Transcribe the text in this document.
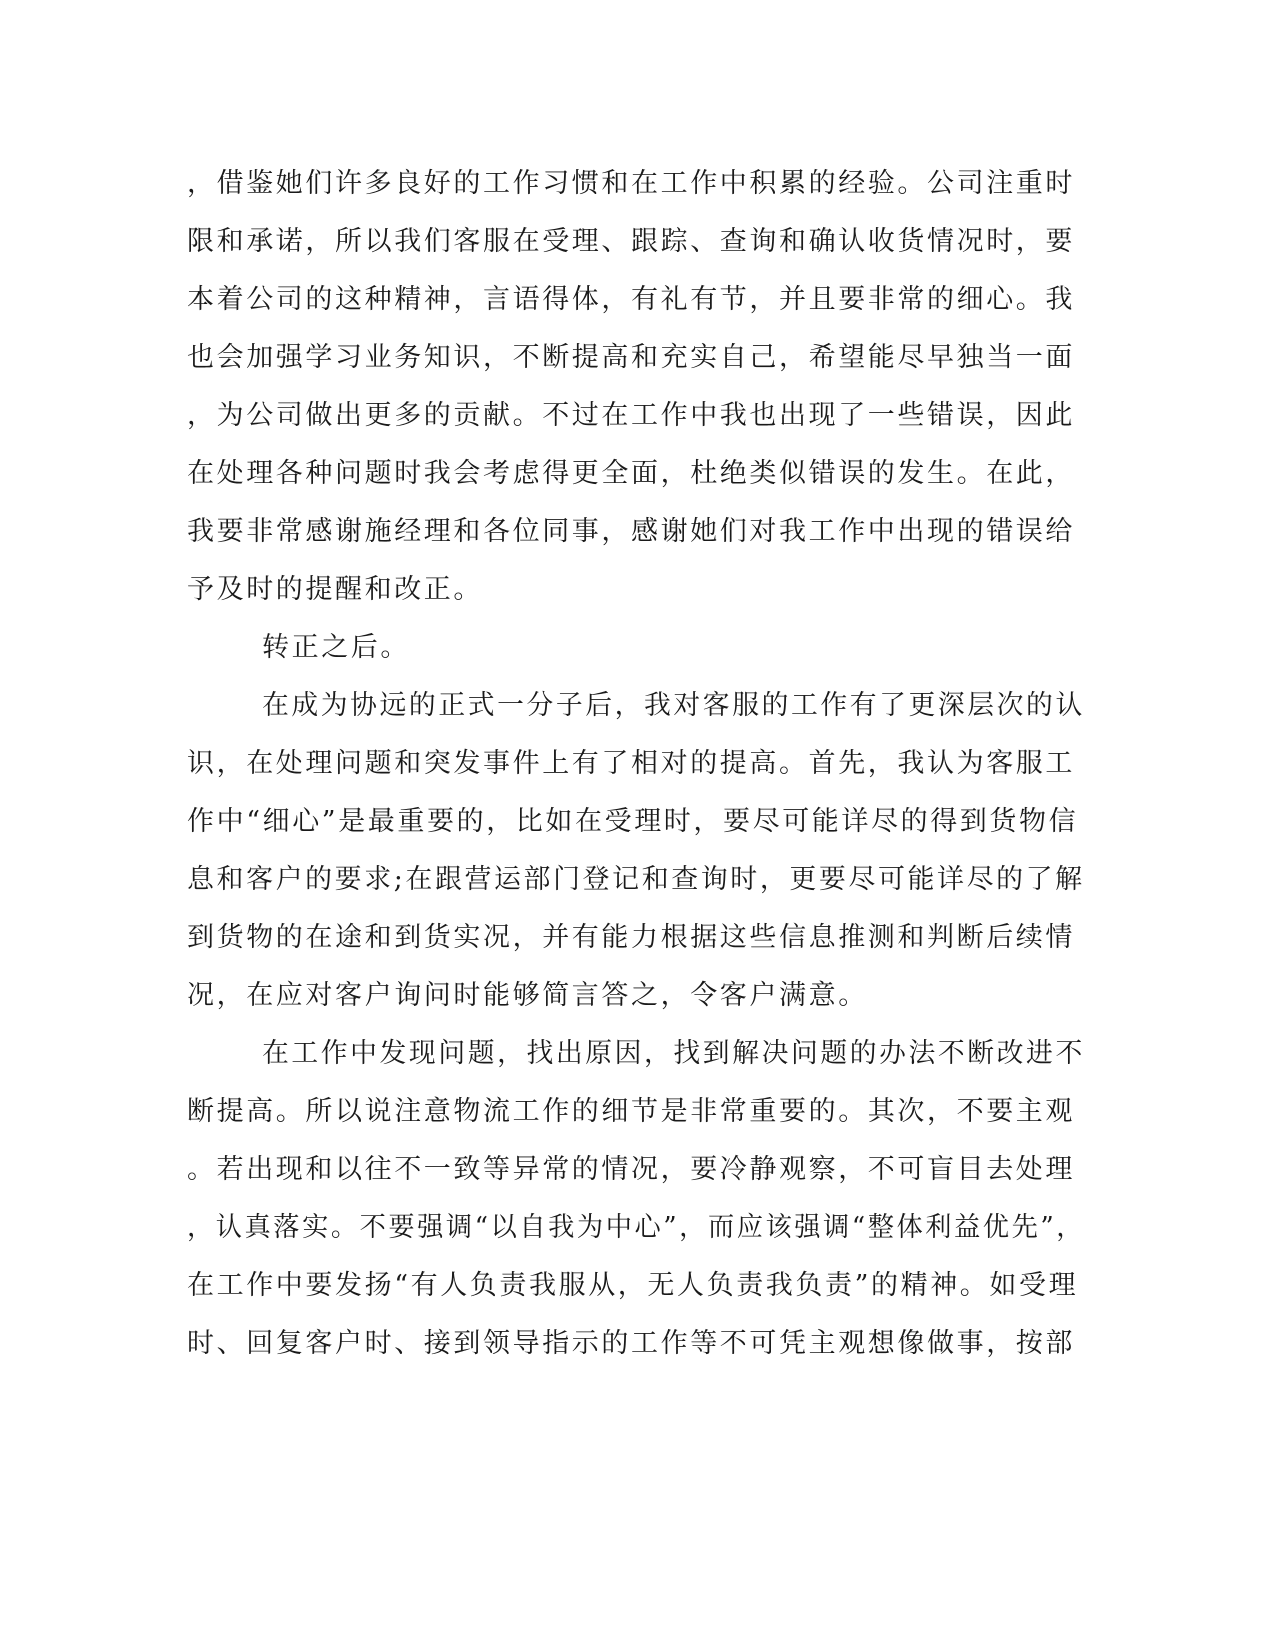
，借鉴她们许多良好的工作习惯和在工作中积累的经验。公司注重时
限和承诺，所以我们客服在受理、跟踪、查询和确认收货情况时，要
本着公司的这种精神，言语得体，有礼有节，并且要非常的细心。我
也会加强学习业务知识，不断提高和充实自己，希望能尽早独当一面
，为公司做出更多的贡献。不过在工作中我也出现了一些错误，因此
在处理各种问题时我会考虑得更全面，杜绝类似错误的发生。在此，
我要非常感谢施经理和各位同事，感谢她们对我工作中出现的错误给
予及时的提醒和改正。
转正之后。
在成为协远的正式一分子后，我对客服的工作有了更深层次的认
识，在处理问题和突发事件上有了相对的提高。首先，我认为客服工
作中“细心”是最重要的，比如在受理时，要尽可能详尽的得到货物信
息和客户的要求;在跟营运部门登记和查询时，更要尽可能详尽的了解
到货物的在途和到货实况，并有能力根据这些信息推测和判断后续情
况，在应对客户询问时能够简言答之，令客户满意。
在工作中发现问题，找出原因，找到解决问题的办法不断改进不
断提高。所以说注意物流工作的细节是非常重要的。其次，不要主观
。若出现和以往不一致等异常的情况，要冷静观察，不可盲目去处理
，认真落实。不要强调“以自我为中心”，而应该强调“整体利益优先”，
在工作中要发扬“有人负责我服从，无人负责我负责”的精神。如受理
时、回复客户时、接到领导指示的工作等不可凭主观想像做事，按部
